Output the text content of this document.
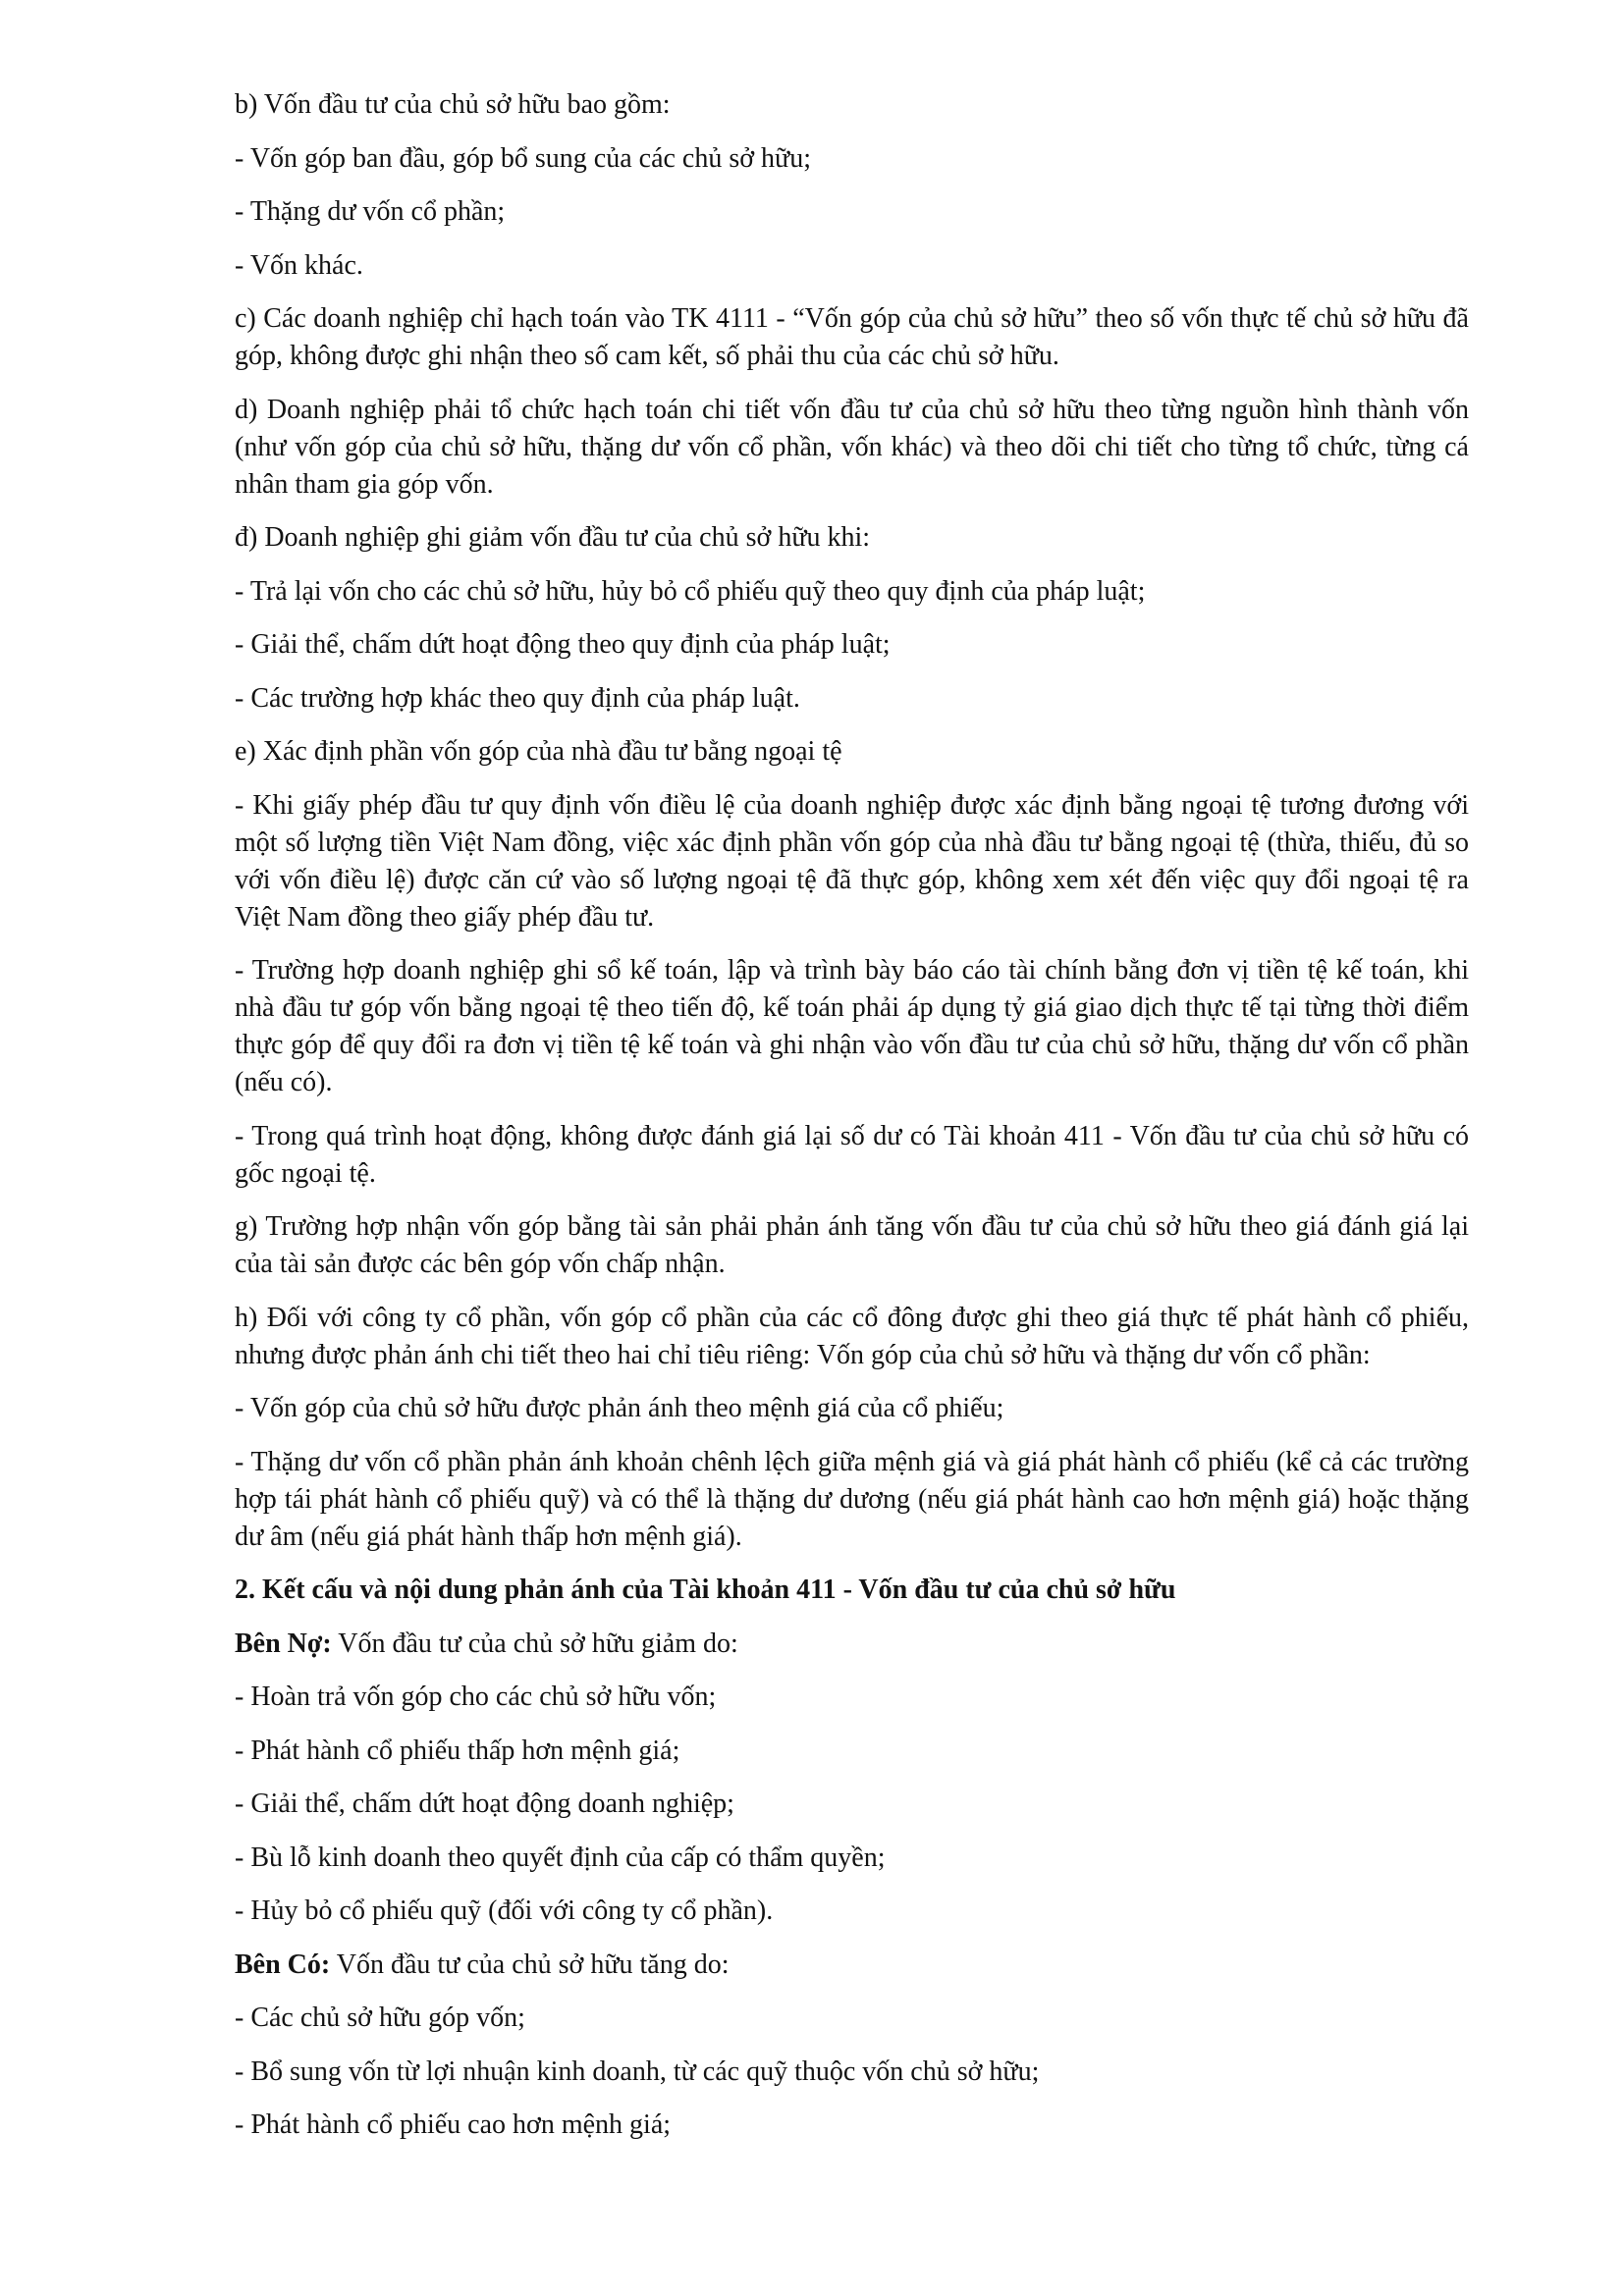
b) Vốn đầu tư của chủ sở hữu bao gồm:

- Vốn góp ban đầu, góp bổ sung của các chủ sở hữu;

- Thặng dư vốn cổ phần;

- Vốn khác.

c) Các doanh nghiệp chỉ hạch toán vào TK 4111 - “Vốn góp của chủ sở hữu” theo số vốn thực tế chủ sở hữu đã góp, không được ghi nhận theo số cam kết, số phải thu của các chủ sở hữu.

d) Doanh nghiệp phải tổ chức hạch toán chi tiết vốn đầu tư của chủ sở hữu theo từng nguồn hình thành vốn (như vốn góp của chủ sở hữu, thặng dư vốn cổ phần, vốn khác) và theo dõi chi tiết cho từng tổ chức, từng cá nhân tham gia góp vốn.

đ) Doanh nghiệp ghi giảm vốn đầu tư của chủ sở hữu khi:

- Trả lại vốn cho các chủ sở hữu, hủy bỏ cổ phiếu quỹ theo quy định của pháp luật;

- Giải thể, chấm dứt hoạt động theo quy định của pháp luật;

- Các trường hợp khác theo quy định của pháp luật.

e) Xác định phần vốn góp của nhà đầu tư bằng ngoại tệ

- Khi giấy phép đầu tư quy định vốn điều lệ của doanh nghiệp được xác định bằng ngoại tệ tương đương với một số lượng tiền Việt Nam đồng, việc xác định phần vốn góp của nhà đầu tư bằng ngoại tệ (thừa, thiếu, đủ so với vốn điều lệ) được căn cứ vào số lượng ngoại tệ đã thực góp, không xem xét đến việc quy đổi ngoại tệ ra Việt Nam đồng theo giấy phép đầu tư.

- Trường hợp doanh nghiệp ghi sổ kế toán, lập và trình bày báo cáo tài chính bằng đơn vị tiền tệ kế toán, khi nhà đầu tư góp vốn bằng ngoại tệ theo tiến độ, kế toán phải áp dụng tỷ giá giao dịch thực tế tại từng thời điểm thực góp để quy đổi ra đơn vị tiền tệ kế toán và ghi nhận vào vốn đầu tư của chủ sở hữu, thặng dư vốn cổ phần (nếu có).

- Trong quá trình hoạt động, không được đánh giá lại số dư có Tài khoản 411 - Vốn đầu tư của chủ sở hữu có gốc ngoại tệ.

g) Trường hợp nhận vốn góp bằng tài sản phải phản ánh tăng vốn đầu tư của chủ sở hữu theo giá đánh giá lại của tài sản được các bên góp vốn chấp nhận.

h) Đối với công ty cổ phần, vốn góp cổ phần của các cổ đông được ghi theo giá thực tế phát hành cổ phiếu, nhưng được phản ánh chi tiết theo hai chỉ tiêu riêng: Vốn góp của chủ sở hữu và thặng dư vốn cổ phần:

- Vốn góp của chủ sở hữu được phản ánh theo mệnh giá của cổ phiếu;

- Thặng dư vốn cổ phần phản ánh khoản chênh lệch giữa mệnh giá và giá phát hành cổ phiếu (kể cả các trường hợp tái phát hành cổ phiếu quỹ) và có thể là thặng dư dương (nếu giá phát hành cao hơn mệnh giá) hoặc thặng dư âm (nếu giá phát hành thấp hơn mệnh giá).

2. Kết cấu và nội dung phản ánh của Tài khoản 411 - Vốn đầu tư của chủ sở hữu

Bên Nợ: Vốn đầu tư của chủ sở hữu giảm do:

- Hoàn trả vốn góp cho các chủ sở hữu vốn;

- Phát hành cổ phiếu thấp hơn mệnh giá;

- Giải thể, chấm dứt hoạt động doanh nghiệp;

- Bù lỗ kinh doanh theo quyết định của cấp có thẩm quyền;

- Hủy bỏ cổ phiếu quỹ (đối với công ty cổ phần).

Bên Có: Vốn đầu tư của chủ sở hữu tăng do:

- Các chủ sở hữu góp vốn;

- Bổ sung vốn từ lợi nhuận kinh doanh, từ các quỹ thuộc vốn chủ sở hữu;

- Phát hành cổ phiếu cao hơn mệnh giá;
